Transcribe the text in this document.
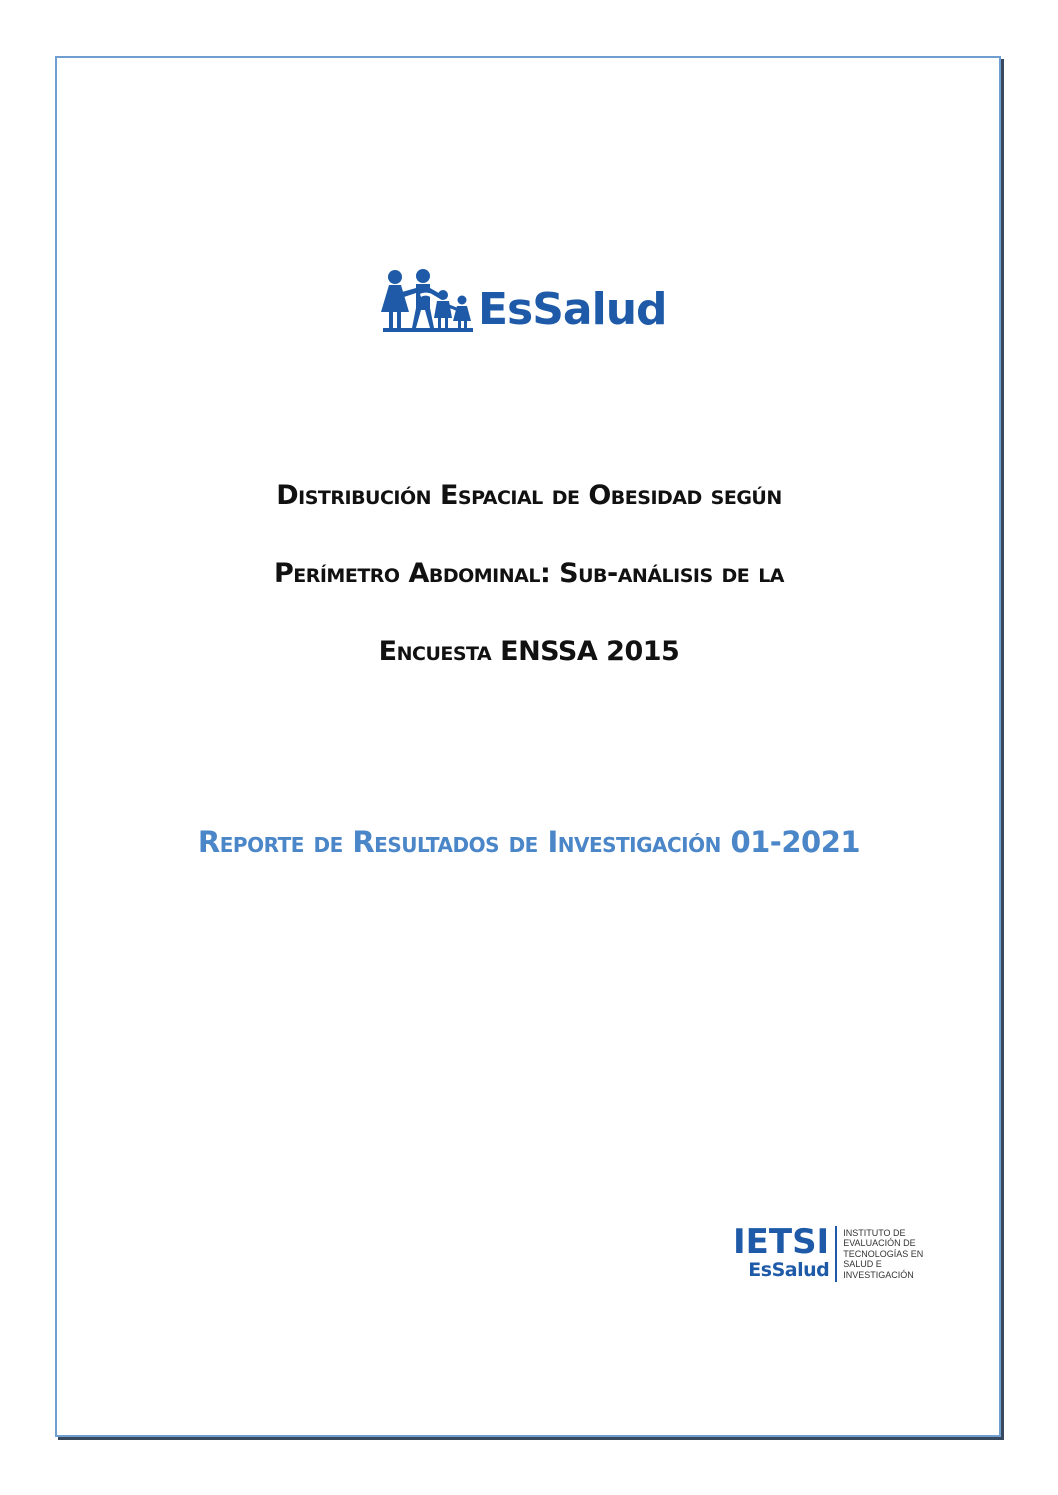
EsSalud
Distribución Espacial de Obesidad según
Perímetro Abdominal: Sub-análisis de la
Encuesta ENSSA 2015
Reporte de Resultados de Investigación 01-2021
IETSI
EsSalud
INSTITUTO DE EVALUACIÓN DE TECNOLOGÍAS EN SALUD E INVESTIGACIÓN
